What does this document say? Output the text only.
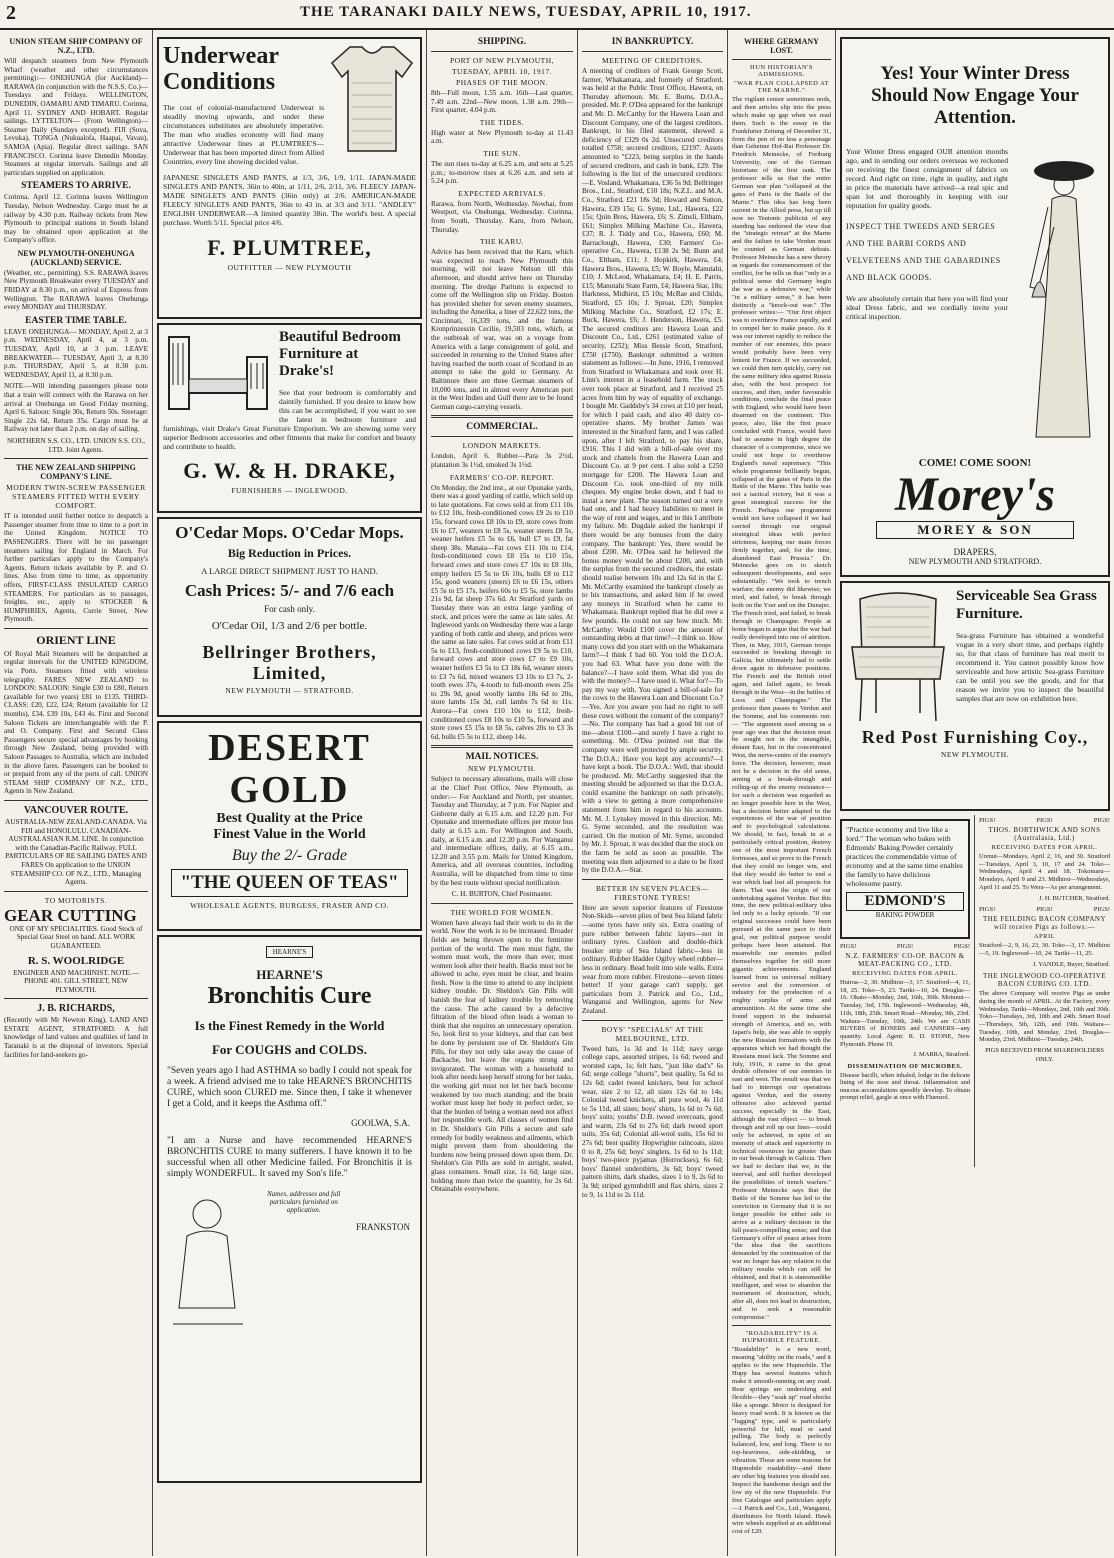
2	THE TARANAKI DAILY NEWS, TUESDAY, APRIL 10, 1917.
UNION STEAM SHIP COMPANY OF N.Z., LTD.

Will despatch steamers from New Plymouth Wharf (weather and other circumstances permitting):— ONEHUNGA (for Auckland)— RARAWA (in conjunction with the N.S.S. Co.)—Tuesdays and Fridays. WELLINGTON, DUNEDIN, OAMARU AND TIMARU. Corinna, April 11. SYDNEY AND HOBART. Regular sailings. LYTTELTON— (From Wellington)— Steamer Daily (Sundays excepted). FIJI (Suva, Levuka), TONGA (Nukualofa, Haapai, Vavau), SAMOA (Apia). Regular direct sailings. SAN FRANCISCO. Corinna leave Dunedin Monday. Steamers at regular intervals. Sailings and all particulars supplied on application.

STEAMERS TO ARRIVE.

Corinna, April 12. Corinna leaves Wellington Tuesday, Nelson Wednesday. Cargo must be at railway by 4.30 p.m. Railway tickets from New Plymouth to principal stations in South Island may be obtained upon application at the Company's office.

NEW PLYMOUTH-ONEHUNGA (AUCKLAND) SERVICE.

(Weather, etc., permitting). S.S. RARAWA leaves New Plymouth Breakwater every TUESDAY and FRIDAY at 8.30 p.m., on arrival of Express from Wellington. The RARAWA leaves Onehunga every MONDAY and THURSDAY.

EASTER TIME TABLE.

LEAVE ONEHUNGA— MONDAY, April 2, at 3 p.m. WEDNESDAY, April 4, at 3 p.m. TUESDAY, April 10, at 3 p.m. LEAVE BREAKWATER— TUESDAY, April 3, at 8.30 p.m. THURSDAY, April 5, at 8.30 p.m. WEDNESDAY, April 11, at 8.30 p.m.

NOTE.—Will intending passengers please note that a train will connect with the Rarawa on her arrival at Onehunga on Good Friday morning, April 6. Saloon: Single 30s, Return 50s. Steerage: Single 22s 6d, Return 35s. Cargo must be at Railway not later than 2 p.m. on day of sailing.

NORTHERN S.S. CO., LTD. UNION S.S. CO., LTD. Joint Agents.

THE NEW ZEALAND SHIPPING COMPANY'S LINE.
MODERN TWIN-SCREW PASSENGER STEAMERS FITTED WITH EVERY COMFORT.

IT is intended until further notice to despatch a Passenger steamer from time to time to a port in the United Kingdom. NOTICE TO PASSENGERS. There will be no passenger steamers sailing for England in March. For further particulars apply to the Company's Agents. Return tickets available by P. and O. lines. Also from time to time, as opportunity offers, FIRST-CLASS INSULATED CARGO STEAMERS. For particulars as to passages, freights, etc., apply to STOCKER & HUMPHRIES, Agents, Currie Street, New Plymouth.

ORIENT LINE

Of Royal Mail Steamers will be despatched at regular intervals for the UNITED KINGDOM, via Ports. Steamers fitted with wireless telegraphy. FARES NEW ZEALAND to LONDON: SALOON: Single £30 to £80, Return (available for two years) £81 to £135. THIRD-CLASS: £20, £22, £24; Return (available for 12 months), £34, £39 10s, £43 4s. First and Second Saloon Tickets are interchangeable with the P. and O. Company. First and Second Class Passengers secure special advantages by booking through New Zealand, being provided with Saloon Passages to Australia, which are included in the above fares. Passengers can be booked to or prepaid from any of the ports of call. UNION STEAM SHIP COMPANY OF N.Z., LTD., Agents in New Zealand.

VANCOUVER ROUTE.

AUSTRALIA-NEW ZEALAND-CANADA. Via FIJI and HONOLULU. CANADIAN-AUSTRALASIAN R.M. LINE. In conjunction with the Canadian-Pacific Railway. FULL PARTICULARS OF RE SAILING DATES AND FARES On application to the UNION STEAMSHIP CO. OF N.Z., LTD., Managing Agents.

TO MOTORISTS.
GEAR CUTTING

ONE OF MY SPECIALITIES. Good Stock of Special Gear Steel on hand. ALL WORK GUARANTEED.

R. S. WOOLRIDGE

ENGINEER AND MACHINIST. NOTE.—PHONE 401. GILL STREET, NEW PLYMOUTH.

J. B. RICHARDS,

(Recently with Mr Newton King), LAND AND ESTATE AGENT, STRATFORD. A full knowledge of land values and qualities of land in Taranaki is at the disposal of investors. Special facilities for land-seekers go-

Underwear Conditions

The cost of colonial-manufactured Underwear is steadily moving upwards, and under these circumstances substitutes are absolutely imperative. The man who studies economy will find many attractive Underwear lines at PLUMTREE'S—Underwear that has been imported direct from Allied Countries, every line showing decided value.

JAPANESE SINGLETS AND PANTS, at 1/3, 3/6, 1/9, 1/11. JAPAN-MADE SINGLETS AND PANTS, 36in to 40in, at 1/11, 2/6, 2/11, 3/6. FLEECY JAPAN-MADE SINGLETS AND PANTS (36in only) at 2/6. AMERICAN-MADE FLEECY SINGLETS AND PANTS, 36in to 43 in. at 3/3 and 3/11. "ANDLEY" ENGLISH UNDERWEAR—A limited quantity 38in. The world's best. A special purchase. Worth 5/11. Special price 4/6.

F. PLUMTREE,
OUTFITTER — NEW PLYMOUTH
Beautiful Bedroom Furniture at Drake's!

See that your bedroom is comfortably and daintily furnished. If you desire to know how this can be accomplished, if you want to see the latest in bedroom furniture and furnishings, visit Drake's Great Furniture Emporium. We are showing some very superior Bedroom accessories and other fitments that make for comfort and beauty and contribute to health.

G. W. & H. DRAKE,
FURNISHERS — INGLEWOOD.
O'Cedar Mops. O'Cedar Mops.
Big Reduction in Prices.
A LARGE DIRECT SHIPMENT JUST TO HAND.
Cash Prices: 5/- and 7/6 each
For cash only.
O'Cedar Oil, 1/3 and 2/6 per bottle.
Bellringer Brothers, Limited,
NEW PLYMOUTH — STRATFORD.
DESERT GOLD
Best Quality at the Price
Finest Value in the World
Buy the 2/- Grade
"THE QUEEN OF TEAS"
WHOLESALE AGENTS, BURGESS, FRASER AND CO.
HEARNE'S
HEARNE'S
Bronchitis Cure
Is the Finest Remedy in the World
For COUGHS and COLDS.

"Seven years ago I had ASTHMA so badly I could not speak for a week. A friend advised me to take HEARNE'S BRONCHITIS CURE, which soon CURED me. Since then, I take it whenever I get a Cold, and it keeps the Asthma off."

GOOLWA, S.A.

"I am a Nurse and have recommended HEARNE'S BRONCHITIS CURE to many sufferers. I have known it to be successful when all other Medicine failed. For Bronchitis it is simply WONDERFUL. It saved my Son's life."

Names, addresses and full particulars furnished on application.
FRANKSTON
SHIPPING.
PORT OF NEW PLYMOUTH,
TUESDAY, APRIL 10, 1917.
PHASES OF THE MOON.

8th—Full moon, 1.55 a.m. 16th—Last quarter, 7.49 a.m. 22nd—New moon, 1.38 a.m. 29th—First quarter, 4.04 p.m.

THE TIDES.

High water at New Plymouth to-day at 11.43 a.m.

THE SUN.

The sun rises to-day at 6.25 a.m. and sets at 5.25 p.m.; to-morrow rises at 6.26 a.m. and sets at 5.24 p.m.

EXPECTED ARRIVALS.

Rarawa, from North, Wednesday. Nowhai, from Westport, via Onehunga, Wednesday. Corinna, from South, Thursday. Karu, from Nelson, Thursday.

THE KARU.

Advice has been received that the Karu, which was expected to reach New Plymouth this morning, will not leave Nelson till this afternoon, and should arrive here on Thursday morning. The dredge Paritutu is expected to come off the Wellington slip on Friday. Boston has provided shelter for seven enemy steamers, including the Amerika, a liner of 22,622 tons, the Cincinnati, 16,339 tons, and the famous Kronprinzessin Cecilie, 19,503 tons, which, at the outbreak of war, was on a voyage from America with a large consignment of gold, and succeeded in returning to the United States after having reached the north coast of Scotland in an attempt to take the gold to Germany. At Baltimore there are three German steamers of 10,000 tons, and in almost every American port in the West Indies and Gulf there are to be found German cargo-carrying vessels.

COMMERCIAL.
LONDON MARKETS.

London, April 6. Rubber—Para 3s 2½d, plantation 3s 1½d, smoked 3s 1½d.

FARMERS' CO-OP. REPORT.

On Monday, the 2nd inst., at our Opunake yards, there was a good yarding of cattle, which sold up to late quotations. Fat cows sold at from £11 10s to £12 10s, fresh-conditioned cows £9 2s to £10 15s, forward cows £8 10s to £9, store cows from £6 to £7, weaners to £8 5s, weaner steers £8 5s, weaner heifers £5 5s to £6, bull £7 to £9, fat sheep 38s. Manaia—Fat cows £11 10s to £14, fresh-conditioned cows £8 15s to £10 15s, forward cows and store cows £7 10s to £8 10s, empty heifers £5 5s to £6 10s, bulls £8 to £12 15s, good weaners (steers) £6 to £6 15s, others £5 5s to £5 17s, heifers 60s to £5 5s, store lambs 21s 9d, fat sheep 37s 6d. At Stratford yards on Tuesday there was an extra large yarding of stock, and prices were the same as late sales. At Inglewood yards on Wednesday there was a large yarding of both cattle and sheep, and prices were the same as late sales. Fat cows sold at from £11 5s to £13, fresh-conditioned cows £9 5s to £10, forward cows and store cows £7 to £9 10s, weaner heifers £3 5s to £3 18s 6d, weaner steers to £3 7s 6d, mixed weaners £3 10s to £3 7s, 2-tooth ewes 37s, 4-tooth to full-mouth ewes 25s to 29s 9d, good woolly lambs 18s 6d to 20s, store lambs 15s 3d, cull lambs 7s 6d to 11s. Aurora—Fat cows £10 10s to £12, fresh-conditioned cows £8 10s to £10 5s, forward and store cows £5 15s to £8 5s, calves 20s to £3 3s 6d, bulls £5 5s to £12, sheep 14s.

MAIL NOTICES.
NEW PLYMOUTH.

Subject to necessary alterations, mails will close at the Chief Post Office, New Plymouth, as under:— For Auckland and North, per steamer, Tuesday and Thursday, at 7 p.m. For Napier and Gisborne daily at 6.15 a.m. and 12.20 p.m. For Opunake and intermediate offices per motor bus daily at 6.15 a.m. For Wellington and South, daily, at 6.15 a.m. and 12.20 p.m. For Wanganui and intermediate offices, daily, at 6.15 a.m., 12.20 and 3.55 p.m. Mails for United Kingdom, America, and all overseas countries, including Australia, will be dispatched from time to time by the best route without special notification.

C. H. BURTON, Chief Postmaster.

THE WORLD FOR WOMEN.

Women have always had their work to do in the world. Now the work is to be increased. Broader fields are being thrown open to the feminine portion of the world. The men must fight, the women must work, the more than ever, must women look after their health. Backs must not be allowed to ache, eyes must be clear, and brains fresh. Now is the time to attend to any incipient kidney trouble. Dr. Sheldon's Gin Pills will banish the fear of kidney trouble by removing the cause. The ache caused by a defective filtration of the blood often leads a woman to think that she requires an unnecessary operation. So, look first to your kidneys, and that can best be done by persistent use of Dr. Sheldon's Gin Pills, for they not only take away the cause of Backache, but leave the organs strong and invigorated. The woman with a household to look after needs keep herself strong for her tasks, the working girl must not let her back become weakened by too much standing; and the brain worker must keep her body in perfect order, so that the burden of being a woman need not affect her responsible work. All classes of women find in Dr. Sheldon's Gin Pills a secure and safe remedy for bodily weakness and ailments, which might prevent them from shouldering the burdens now being pressed down upon them. Dr. Sheldon's Gin Pills are sold in airtight, sealed, glass containers. Small size, 1s 6d; large size, holding more than twice the quantity, for 2s 6d. Obtainable everywhere.

IN BANKRUPTCY.
MEETING OF CREDITORS.

A meeting of creditors of Frank George Scott, farmer, Whakamara, and formerly of Stratford, was held at the Public Trust Office, Hawera, on Thursday afternoon. Mr. E. Burns, D.O.A., presided. Mr. P. O'Dea appeared for the bankrupt and Mr. D. McCarthy for the Hawera Loan and Discount Company, one of the largest creditors. Bankrupt, in his filed statement, showed a deficiency of £329 0s 2d. Unsecured creditors totalled £758; secured creditors, £2197. Assets amounted to "£223, being surplus in the hands of secured creditors, and cash in bank, £29. The following is the list of the unsecured creditors:—E. Vosland, Whakamara, £36 5s 9d; Bellringer Bros., Ltd., Stratford, £10 18s; N.Z.L. and M.A. Co., Stratford, £21 18s 3d; Howard and Sutton, Hawera, £39 15s; G. Syme, Ltd., Hawera, £22 15s; Quin Bros, Hawera, £6; S. Zimsli, Eltham, £61; Simplex Milking Machine Co., Hawera, £37; R. J. Tiddy and Co., Hawera, £60; M. Barraclough, Hawera, £30; Farmers' Co-operative Co., Hawera, £138 2s 9d; Bunn and Co., Eltham, £11; J. Hopkirk, Hawera, £4; Hawera Bros., Hawera, £5; W. Boyle, Manutahi, £10; J. McLeod, Whakamara, £4; H. E. Parris, £15; Manutahi State Farm, £4; Hawera Star, 18s; Harkness, Midhirst, £5 10s; McRae and Childs, Stratford, £5 10s; J. Sproat, £20; Simplex Milking Machine Co., Stratford, £2 17s; E. Buck, Hawera, £6; J. Henderson, Hawera, £5. The secured creditors are: Hawera Loan and Discount Co., Ltd., £261 (estimated value of security, £252); Miss Bessie Scott, Stratford, £750 (£750). Bankrupt submitted a written statement as follows:—In June, 1916, I removed from Stratford to Whakamara and took over H. Linn's interest in a leasehold farm. The stock over took place at Stratford, and I received 25 acres from him by way of equality of exchange. I bought Mr. Gaddsby's 34 cows at £10 per head, for which I paid cash, and also 40 dairy co-operative shares. My brother James was interested in the Stratford farm, and I was called upon, after I left Stratford, to pay his share, £916. This I did with a bill-of-sale over my stock and chattels from the Hawera Loan and Discount Co. at 9 per cent. I also sold a £250 mortgage for £200. The Hawera Loan and Discount Co. took one-third of my milk cheques. My engine broke down, and I had to instal a new plant. The season turned out a very bad one, and I had heavy liabilities to meet in the way of rent and wages, and to this I attribute my failure. Mr. Dugdale asked the bankrupt if there would be any bonuses from the dairy company. The bankrupt: Yes, there would be about £200. Mr. O'Dea said he believed the bonus money would be about £200, and, with the surplus from the secured creditors, the estate should realise between 10s and 12s 6d in the £. Mr. McCarthy examined the bankrupt closely as to his transactions, and asked him if he owed any moneys in Stratford when he came to Whakamara. Bankrupt replied that he did owe a few pounds. He could not say how much. Mr. McCarthy: Would £100 cover the amount of outstanding debts at that time?—I think so. How many cows did you start with on the Whakamara farm?—I think I had 60. You told the D.O.A. you had 63. What have you done with the balance?—I have sold them. What did you do with the money?—I have used it. What for?—To pay my way with. You signed a bill-of-sale for the cows to the Hawera Loan and Discount Co.?—Yes. Are you aware you had no right to sell these cows without the consent of the company?—No. The company has had a good bit out of me—about £100—and surely I have a right to something. Mr. O'Dea pointed out that the company were well protected by ample security. The D.O.A.: Have you kept any accounts?—I have kept a book. The D.O.A.: Well, that should be produced. Mr. McCarthy suggested that the meeting should be adjourned so that the D.O.A. could examine the bankrupt on oath privately, with a view to getting a more comprehensive statement from him in regard to his accounts. Mr. M. J. Lynskey moved in this direction. Mr. G. Syme seconded, and the resolution was carried. On the motion of Mr. Syme, seconded by Mr. J. Sproat, it was decided that the stock on the farm be sold as soon as possible. The meeting was then adjourned to a date to be fixed by the D.O.A.—Star.

BETTER IN SEVEN PLACES—FIRESTONE TYRES!

Here are seven superior features of Firestone Non-Skids—seven plies of best Sea Island fabric—some tyres have only six. Extra coating of pure rubber between fabric layers—not in ordinary tyres. Cushion and double-thick breaker strip of Sea Island fabric—less in ordinary. Rubber Hadder Ogilvy wheel rubber—less in ordinary. Bead built into side walls. Extra wear from more rubber. Firestone—seven times better! If your garage can't supply, get particulars from J. Patrick and Co., Ltd., Wanganui and Wellington, agents for New Zealand.

BOYS' "SPECIALS" AT THE MELBOURNE, LTD.

Tweed hats, 1s 3d and 1s 11d; navy serge college caps, assorted stripes, 1s 6d; tweed and worsted caps, 1s; felt hats, "just like dad's" 6s 6d; serge college "shorts", best quality, 5s 6d to 12s 6d; cadet tweed knickers, best for school wear, size 2 to 12, all sizes 12s 6d to 14s; Colonial tweed knickers, all pure wool, 4s 11d to 5s 11d, all sizes; boys' shirts, 1s 6d to 7s 6d; boys' suits; youths' D.B. tweed overcoats, good and warm, 23s 6d to 27s 6d; dark tweed sport suits, 35s 6d; Colonial all-wool suits, 15s 6d to 27s 6d; best quality Hopwrighte raincoats, sizes 0 to 8, 25s 6d; boys' singlets, 1s 6d to 1s 11d; boys' two-piece pyjamas (Horrockses), 6s 6d; boys' flannel undershirts, 3s 6d; boys' tweed pattern shirts, dark shades, sizes 1 to 9, 2s 6d to 3s 9d; striped gymnbdrill and flax shirts, sizes 2 to 9, 1s 11d to 2s 11d.

WHERE GERMANY LOST.
HUN HISTORIAN'S ADMISSIONS.
"WAR PLAN COLLAPSED AT THE MARNE."

The vigilant censor sometimes nods, and then articles slip into the press which make up gap when we read them. Such is the essay in the Frankfurter Zeitung of December 31, from the pen of no less a personage than Geheime Hof-Rat Professor Dr. Friedrich Meinecke, of Freiburg University, one of the German historians of the first rank. The professor tells us that the entire German war plan "collapsed at the gates of Paris in the Battle of the Marne." This idea has long been current in the Allied press, but up till now no Teutonic publicist of any standing has endorsed the view that the "strategic retreat" at the Marne and the failure to take Verdun must be counted as German defeats. Professor Meinecke has a new theory as regards the commencement of the conflict, for he tells us that "only in a political sense did Germany begin the war as a defensive war," while "in a military sense," it has been distinctly a "knock-out war." The professor writes:— "Our first object was to overthrow France rapidly, and to compel her to make peace. As it was our interest rapidly to reduce the number of our enemies, this peace would probably have been very lenient for France. If we succeeded, we could then turn quickly, carry out the same military idea against Russia also, with the best prospect for success, and then, under favourable conditions, conclude the final peace with England, who would have been disarmed on the continent. This peace, also, like the first peace concluded with France, would have had to assume in high degree the character of a compromise, since we could not hope to overthrow England's naval supremacy. "This whole programme brilliantly begun, collapsed at the gates of Paris in the Battle of the Marne. This battle was not a tactical victory, but it was a great strategical success for the French. Perhaps our programme would not have collapsed if we had carried through our original strategical ideas with perfect strictness, keeping our main forces firmly together, and, for the time, abandoned East Prussia." Dr. Meinecke goes on to sketch subsequent developments, and says substantially: "We took to trench warfare; the enemy did likewise; we tried, and failed, to break through both on the Yser and on the Dunajec. The French tried, and failed, to break through in Champagne. People at home began to argue that the war had really developed into one of attrition. Then, in May, 1915, German troops succeeded in breaking through in Galicia, but ultimately had to settle down again in defensive positions. The French and the British tried again, and failed again, to break through in the West—in the battles of Loos and Champagne." The professor then passes to Verdun and the Somme, and his comments run:— "The argument used among us a year ago was that the decision must be sought not in the intangible, distant East, but in the concentrated West, the nerve-centre of the enemy's force. The decision, however, must not be a decision in the old sense, aiming at a break-through and rolling-up of the enemy resistance—for such a decision was regarded as no longer possible here in the West, but a decision better adapted to the experiences of the war of position and to psychological calculations. We should, in fact, break in at a particularly critical position, destroy one of the most important French fortresses, and so prove to the French that they could no longer win, and that they would do better to end a war which had lost all prospects for them. That was the origin of our undertaking against Verdun. But this time, the new political-military idea led only to a lucky episode. "If our original successes could have been pursued at the same pace to their goal, our political purpose would perhaps have been attained. But meanwhile our enemies pulled themselves together for still more gigantic achievements. England learned from us universal military service and the conversion of industry for the production of a mighty surplus of arms and ammunition. At the same time she found support in the industrial strength of America, and so, with Japan's help, she was able to supply the new Russian formations with the apparatus which we had thought the Russians must lack. The Somme and July, 1916, it came to the great double offensive of our enemies in east and west. The result was that we had to interrupt our operations against Verdun, and the enemy offensive also achieved partial success, especially in the East, although the vast object — to break through and roll up our lines—could only be achieved, in spite of an intensity of attack and superiority in technical resources far greater than in our break through in Galicia. Then we had to declare that we, in the interval, and still further developed the possibilities of trench warfare." Professor Meinecke says that the Battle of the Somme has led to the conviction in Germany that it is no longer possible for either side to arrive at a military decision in the full peace-compelling sense; and that Germany's offer of peace arises from "the idea that the sacrifices demanded by the continuation of the war no longer has any relation to the military results which can still be obtained, and that it is statesmanlike intelligent, and wise to abandon the instrument of destruction, which, after all, does not lead to destruction, and to seek a reasonable compromise."

"ROADABILITY" IS A HUPMOBILE FEATURE.

"Roadability" is a new word, meaning "ability on the roads," and it applies to the new Hupmobile. The Hupp has several features which make it smooth-running on any road. Rear springs are underslung and flexible—they "soak up" road shocks like a sponge. Motor is designed for heavy road work. It is known as the "lugging" type, and is particularly powerful for hill, mud or sand pulling. The body is perfectly balanced, low, and long. There is no top-heaviness, side-skidding, or vibration. These are some reasons for Hupmobile roadability—and there are other big features you should see. Inspect the handsome design and the low sty of the new Hupmobile. For free Catalogue and particulars apply—J. Patrick and Co., Ltd., Wanganui, distributors for North Island. Hawk wire wheels supplied at an additional cost of £20.

Yes! Your Winter Dress Should Now Engage Your Attention.

Your Winter Dress engaged OUR attention months ago, and in sending our orders overseas we reckoned on receiving the finest consignment of fabrics on record. And right on time, right in quality, and right in price the materials have arrived—a real spic and span lot and thoroughly in keeping with our reputation for quality goods.

INSPECT THE TWEEDS AND SERGES AND THE BARBI CORDS AND VELVETEENS AND THE GABARDINES AND BLACK GOODS.

We are absolutely certain that here you will find your ideal Dress fabric, and we cordially invite your critical inspection.

COME! COME SOON!
Morey's
MOREY & SON
DRAPERS,
NEW PLYMOUTH AND STRATFORD.
Serviceable Sea Grass Furniture.

Sea-grass Furniture has obtained a wonderful vogue in a very short time, and perhaps rightly so, for that class of furniture has real merit to recommend it. You cannot possibly know how serviceable and how artistic Sea-grass Furniture can be until you see the goods, and for that reason we invite you to inspect the beautiful samples that are now on exhibition here.

Red Post Furnishing Coy.,
NEW PLYMOUTH.

"Practice economy and live like a lord." The woman who bakes with Edmonds' Baking Powder certainly practices the commendable virtue of economy and at the same time enables the family to have delicious wholesome pastry.

EDMOND'S
BAKING POWDER
PIGS!	PIGS!	PIGS!
N.Z. FARMERS' CO-OP. BACON & MEAT-PACKING CO., LTD.
RECEIVING DATES FOR APRIL.

Huiroa—2, 30. Midhirst—3, 17. Stratford—4, 11, 18, 25. Toko—5, 23. Tariki—10, 24. Douglas—16. Okato—Monday, 2nd, 16th, 30th. Motunui—Tuesday, 3rd, 17th. Inglewood—Wednesday, 4th, 11th, 18th, 25th. Smart Road—Monday, 9th, 23rd. Waitara—Tuesday, 10th, 24th. We are CASH BUYERS of BONERS and CANNERS—any quantity. Local Agent: R. D. STONE, New Plymouth. Phone 19.

J. MARRA, Stratford.

DISSEMINATION OF MICROBES.

Disease bacilli, when inhaled, lodge in the delicate lining of the nose and throat. Inflammation and mucous accumulations speedily develop. To obtain prompt relief, gargle at once with Fluenzol.

PIGS!	PIGS!	PIGS!
THOS. BORTHWICK AND SONS (Australasia, Ltd.)
RECEIVING DATES FOR APRIL.

Urenui—Mondays, April 2, 16, and 30. Stratford—Tuesdays, April 3, 10, 17 and 24. Toko—Wednesdays, April 4 and 18. Tokomaru—Mondays, April 9 and 23. Midhirst—Wednesdays, April 11 and 25. To Wera—As per arrangement.

J. H. BUTCHER, Stratford.

PIGS!	PIGS!	PIGS!
THE FEILDING BACON COMPANY will receive Pigs as follows:—
APRIL

Stratford—2, 9, 16, 23, 30. Toko—3, 17. Midhirst—5, 19. Inglewood—10, 24. Tariki—11, 25.

J. YANDLE, Buyer, Stratford.

THE INGLEWOOD CO-OPERATIVE BACON CURING CO. LTD.

The above Company will receive Pigs as under during the month of APRIL. At the Factory, every Wednesday. Tariki—Mondays, 2nd, 16th and 30th. Toko—Tuesdays, 3rd, 10th and 24th. Smart Road—Thursdays, 5th, 12th, and 19th. Waitara—Tuesday, 10th, and Monday, 23rd. Douglas—Monday, 23rd. Midhirst—Tuesday, 24th.

PIGS RECEIVED FROM SHAREHOLDERS ONLY.
